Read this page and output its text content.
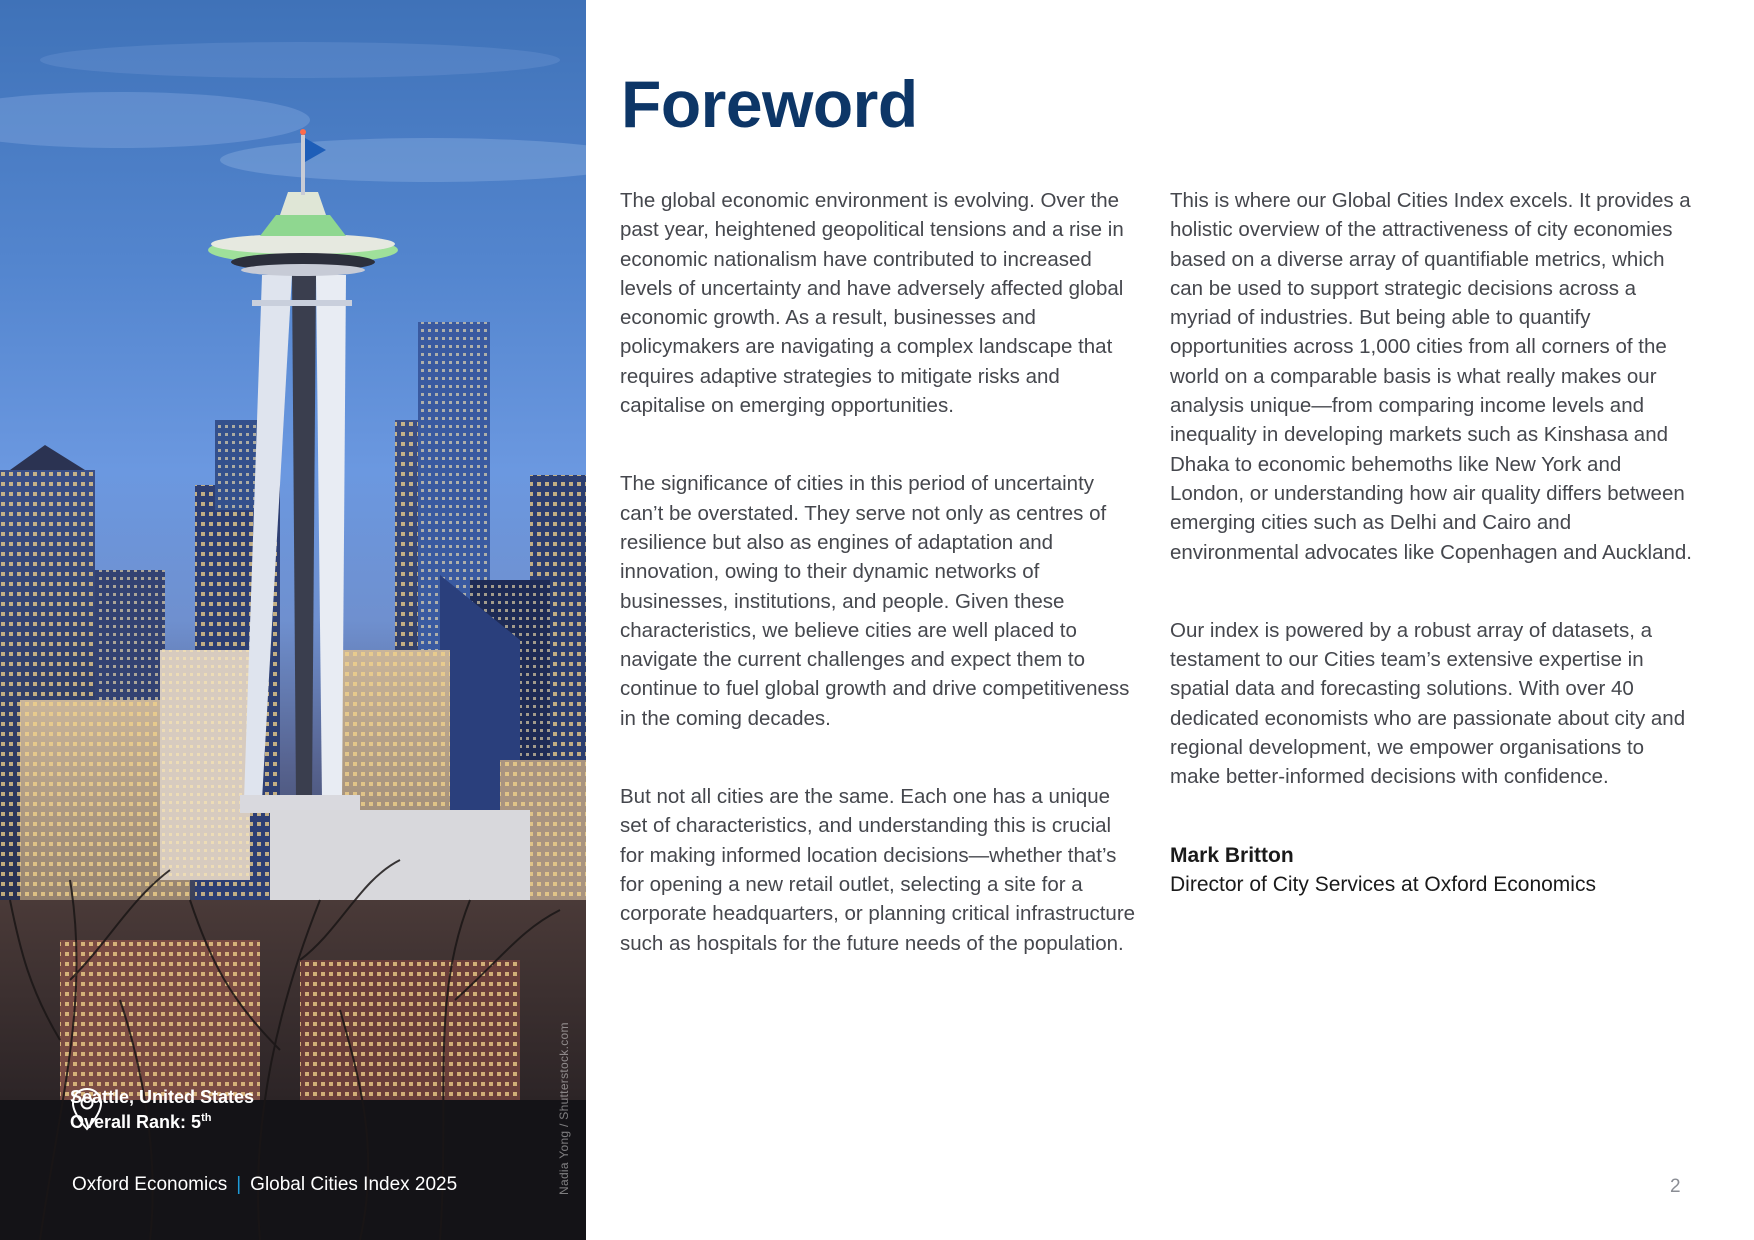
Nadia Yong / Shutterstock.com
Seattle, United States
Overall Rank: 5th
Oxford Economics | Global Cities Index 2025
Foreword

The global economic environment is evolving. Over the past year, heightened geopolitical tensions and a rise in economic nationalism have contributed to increased levels of uncertainty and have adversely affected global economic growth. As a result, businesses and policymakers are navigating a complex landscape that requires adaptive strategies to mitigate risks and capitalise on emerging opportunities.

The significance of cities in this period of uncertainty can’t be overstated. They serve not only as centres of resilience but also as engines of adaptation and innovation, owing to their dynamic networks of businesses, institutions, and people. Given these characteristics, we believe cities are well placed to navigate the current challenges and expect them to continue to fuel global growth and drive competitiveness in the coming decades.

But not all cities are the same. Each one has a unique set of characteristics, and understanding this is crucial for making informed location decisions—whether that’s for opening a new retail outlet, selecting a site for a corporate headquarters, or planning critical infrastructure such as hospitals for the future needs of the population.

This is where our Global Cities Index excels. It provides a holistic overview of the attractiveness of city economies based on a diverse array of quantifiable metrics, which can be used to support strategic decisions across a myriad of industries. But being able to quantify opportunities across 1,000 cities from all corners of the world on a comparable basis is what really makes our analysis unique—from comparing income levels and inequality in developing markets such as Kinshasa and Dhaka to economic behemoths like New York and London, or understanding how air quality differs between emerging cities such as Delhi and Cairo and environmental advocates like Copenhagen and Auckland.

Our index is powered by a robust array of datasets, a testament to our Cities team’s extensive expertise in spatial data and forecasting solutions. With over 40 dedicated economists who are passionate about city and regional development, we empower organisations to make better-informed decisions with confidence.

Mark Britton
Director of City Services at Oxford Economics
2
